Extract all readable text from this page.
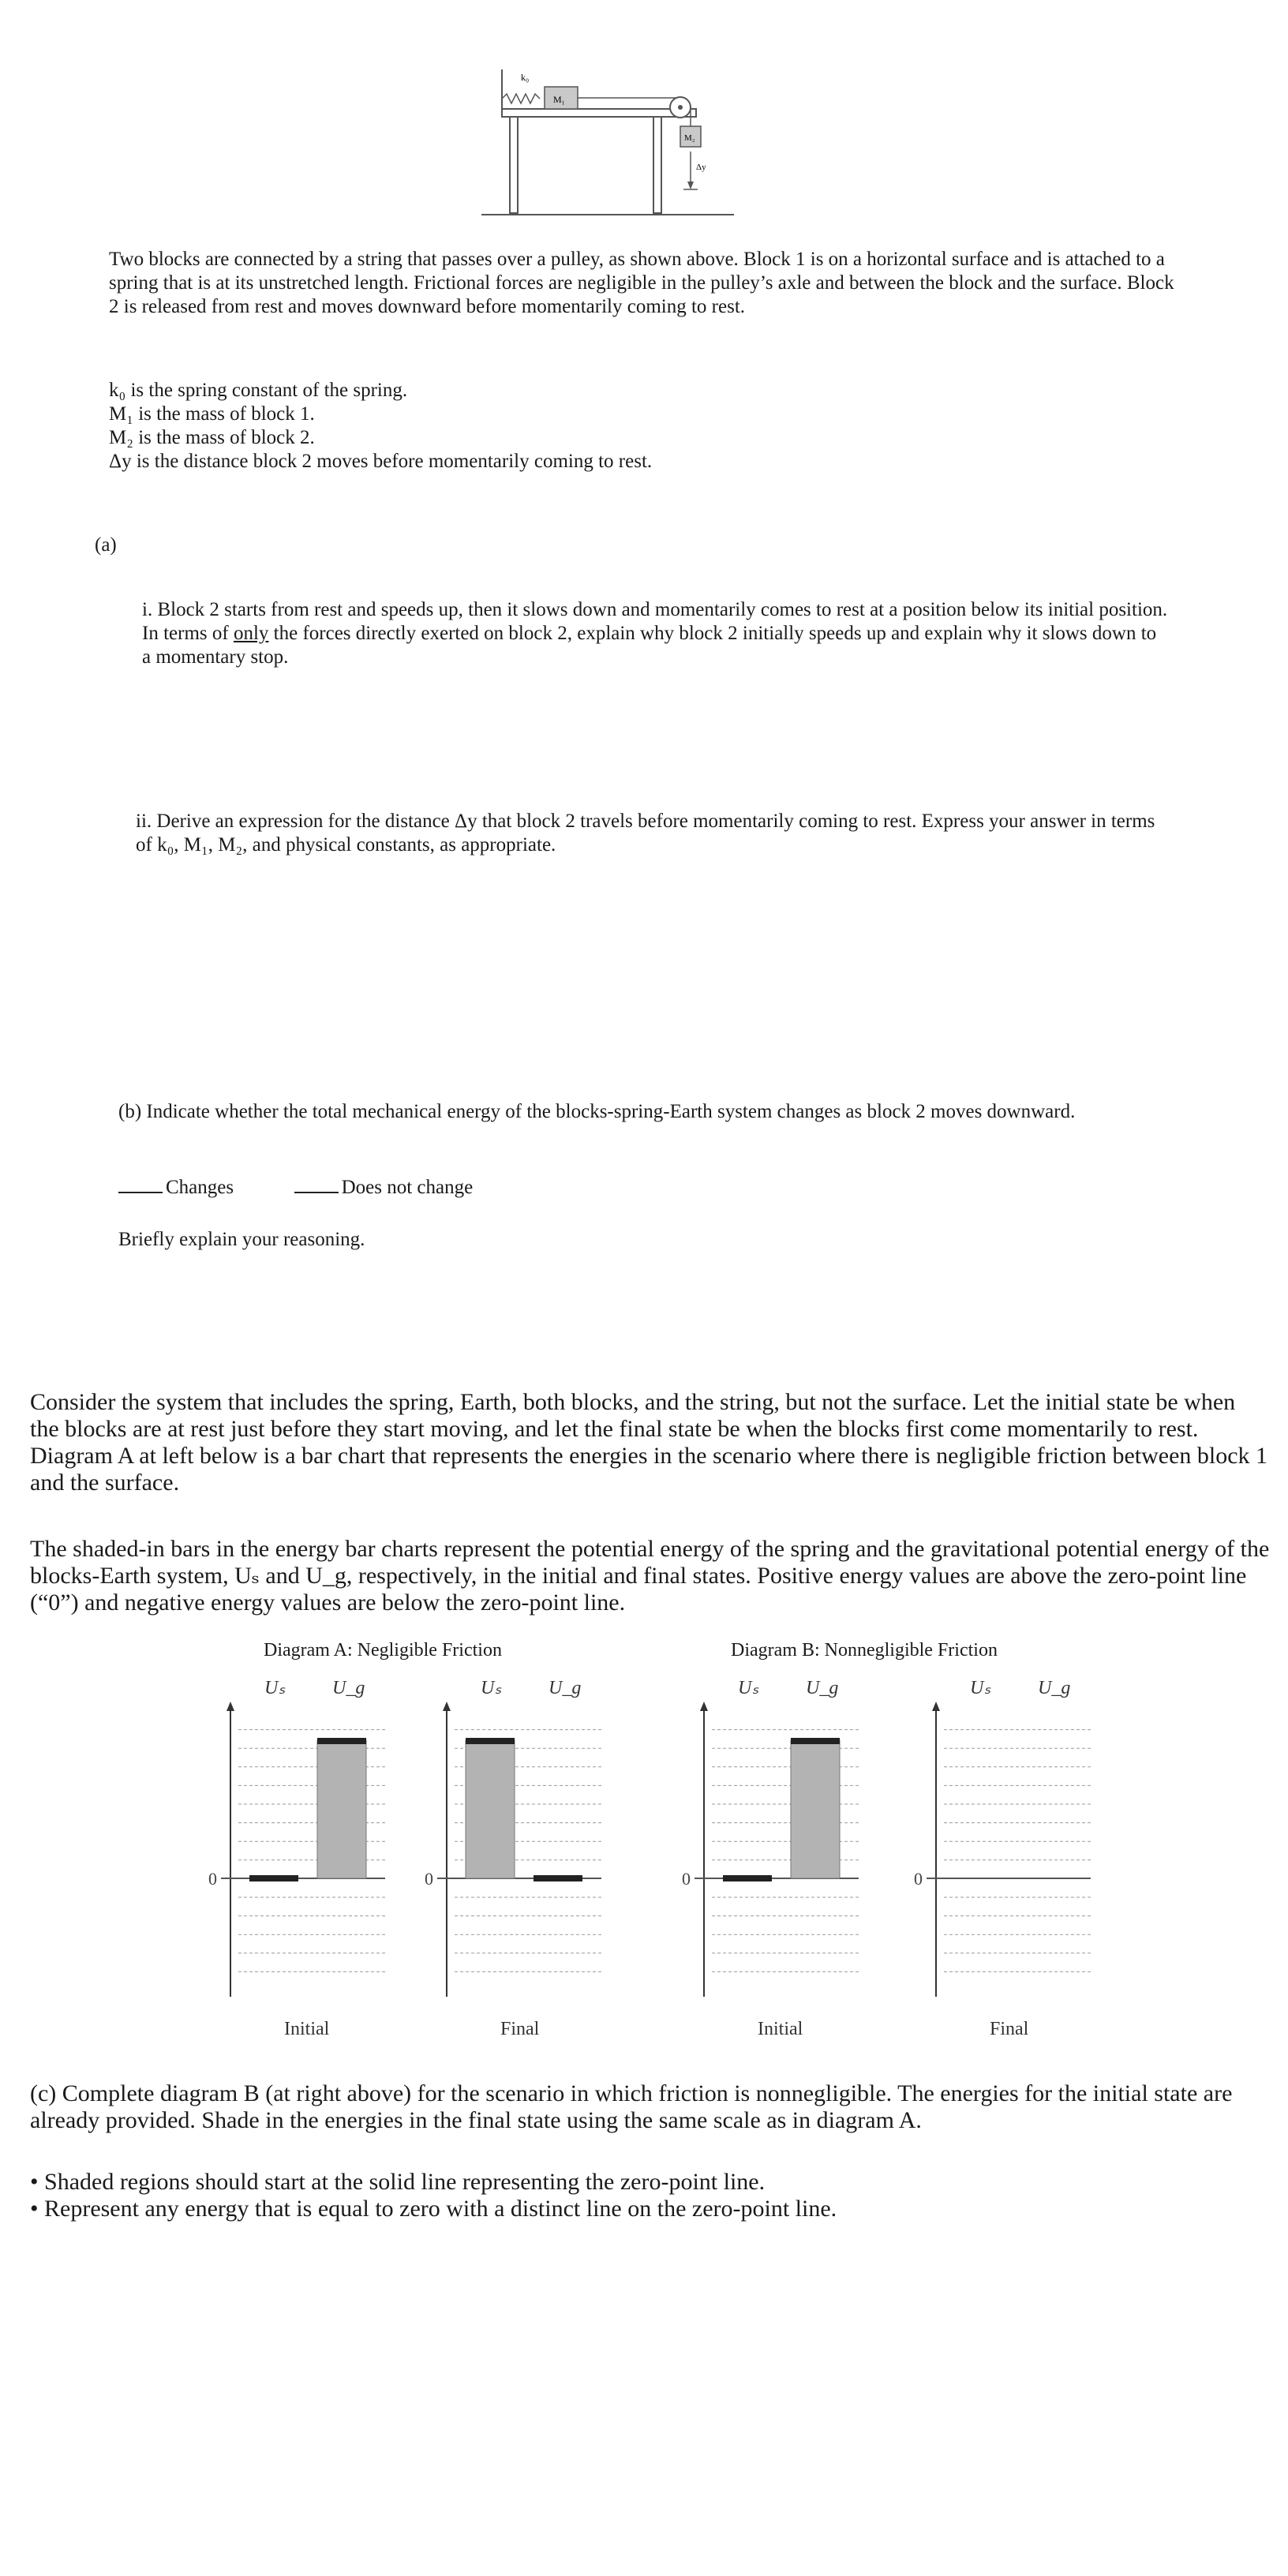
k₀
M₁
M₂
Δy

Two blocks are connected by a string that passes over a pulley, as shown above. Block 1 is on a horizontal surface and is attached to a spring that is at its unstretched length. Frictional forces are negligible in the pulley’s axle and between the block and the surface. Block 2 is released from rest and moves downward before momentarily coming to rest.

k₀ is the spring constant of the spring.

M₁ is the mass of block 1.

M₂ is the mass of block 2.

Δy is the distance block 2 moves before momentarily coming to rest.

(a)

i. Block 2 starts from rest and speeds up, then it slows down and momentarily comes to rest at a position below its initial position. In terms of only the forces directly exerted on block 2, explain why block 2 initially speeds up and explain why it slows down to a momentary stop.

ii. Derive an expression for the distance Δy that block 2 travels before momentarily coming to rest. Express your answer in terms of k₀, M₁, M₂, and physical constants, as appropriate.

(b) Indicate whether the total mechanical energy of the blocks-spring-Earth system changes as block 2 moves downward.

Changes	Does not change

Briefly explain your reasoning.

Consider the system that includes the spring, Earth, both blocks, and the string, but not the surface. Let the initial state be when the blocks are at rest just before they start moving, and let the final state be when the blocks first come momentarily to rest. Diagram A at left below is a bar chart that represents the energies in the scenario where there is negligible friction between block 1 and the surface.

The shaded-in bars in the energy bar charts represent the potential energy of the spring and the gravitational potential energy of the blocks-Earth system, Uₛ and U_g, respectively, in the initial and final states. Positive energy values are above the zero-point line (“0”) and negative energy values are below the zero-point line.

Diagram A: Negligible Friction	Diagram B: Nonnegligible Friction
0
Uₛ U_g
Initial
0
Uₛ U_g
Final
0
Uₛ U_g
Initial
0
Uₛ U_g
Final

(c) Complete diagram B (at right above) for the scenario in which friction is nonnegligible. The energies for the initial state are already provided. Shade in the energies in the final state using the same scale as in diagram A.

• Shaded regions should start at the solid line representing the zero-point line.
• Represent any energy that is equal to zero with a distinct line on the zero-point line.
